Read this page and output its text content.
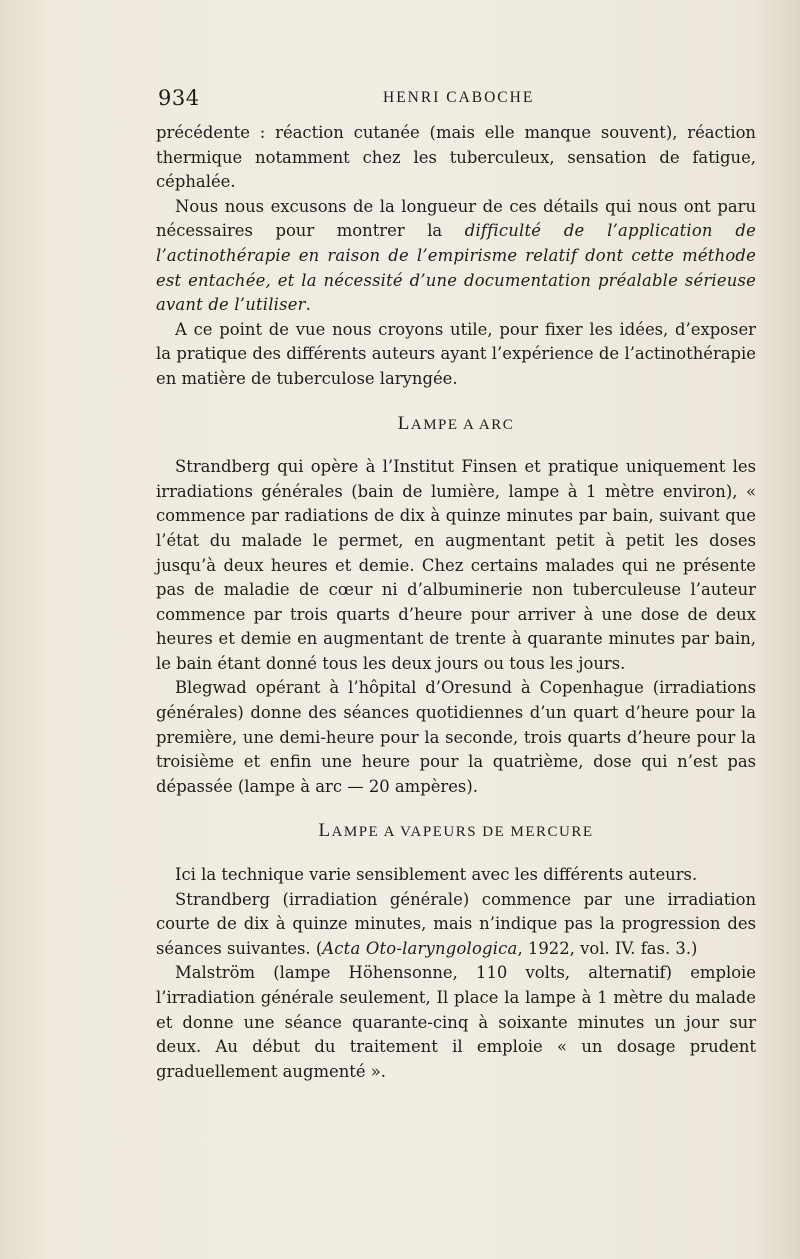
934	HENRI CABOCHE

précédente : réaction cutanée (mais elle manque souvent), réaction thermique notamment chez les tuberculeux, sensation de fatigue, céphalée.

Nous nous excusons de la longueur de ces détails qui nous ont paru nécessaires pour montrer la difficulté de l’application de l’actinothérapie en raison de l’empirisme relatif dont cette méthode est entachée, et la nécessité d’une documentation préalable sérieuse avant de l’utiliser.

A ce point de vue nous croyons utile, pour fixer les idées, d’exposer la pratique des différents auteurs ayant l’expérience de l’actinothérapie en matière de tuberculose laryngée.

LAMPE A ARC

Strandberg qui opère à l’Institut Finsen et pratique uniquement les irradiations générales (bain de lumière, lampe à 1 mètre environ), « commence par radiations de dix à quinze minutes par bain, suivant que l’état du malade le permet, en augmentant petit à petit les doses jusqu’à deux heures et demie. Chez certains malades qui ne présente pas de maladie de cœur ni d’albuminerie non tuberculeuse l’auteur commence par trois quarts d’heure pour arriver à une dose de deux heures et demie en augmentant de trente à quarante minutes par bain, le bain étant donné tous les deux jours ou tous les jours.

Blegwad opérant à l’hôpital d’Oresund à Copenhague (irradiations générales) donne des séances quotidiennes d’un quart d’heure pour la première, une demi-heure pour la seconde, trois quarts d’heure pour la troisième et enfin une heure pour la quatrième, dose qui n’est pas dépassée (lampe à arc — 20 ampères).

LAMPE A VAPEURS DE MERCURE

Ici la technique varie sensiblement avec les différents auteurs.

Strandberg (irradiation générale) commence par une irradiation courte de dix à quinze minutes, mais n’indique pas la progression des séances suivantes. (Acta Oto-laryngologica, 1922, vol. IV. fas. 3.)

Malström (lampe Höhensonne, 110 volts, alternatif) emploie l’irradiation générale seulement, Il place la lampe à 1 mètre du malade et donne une séance quarante-cinq à soixante minutes un jour sur deux. Au début du traitement il emploie « un dosage prudent graduellement augmenté ».
